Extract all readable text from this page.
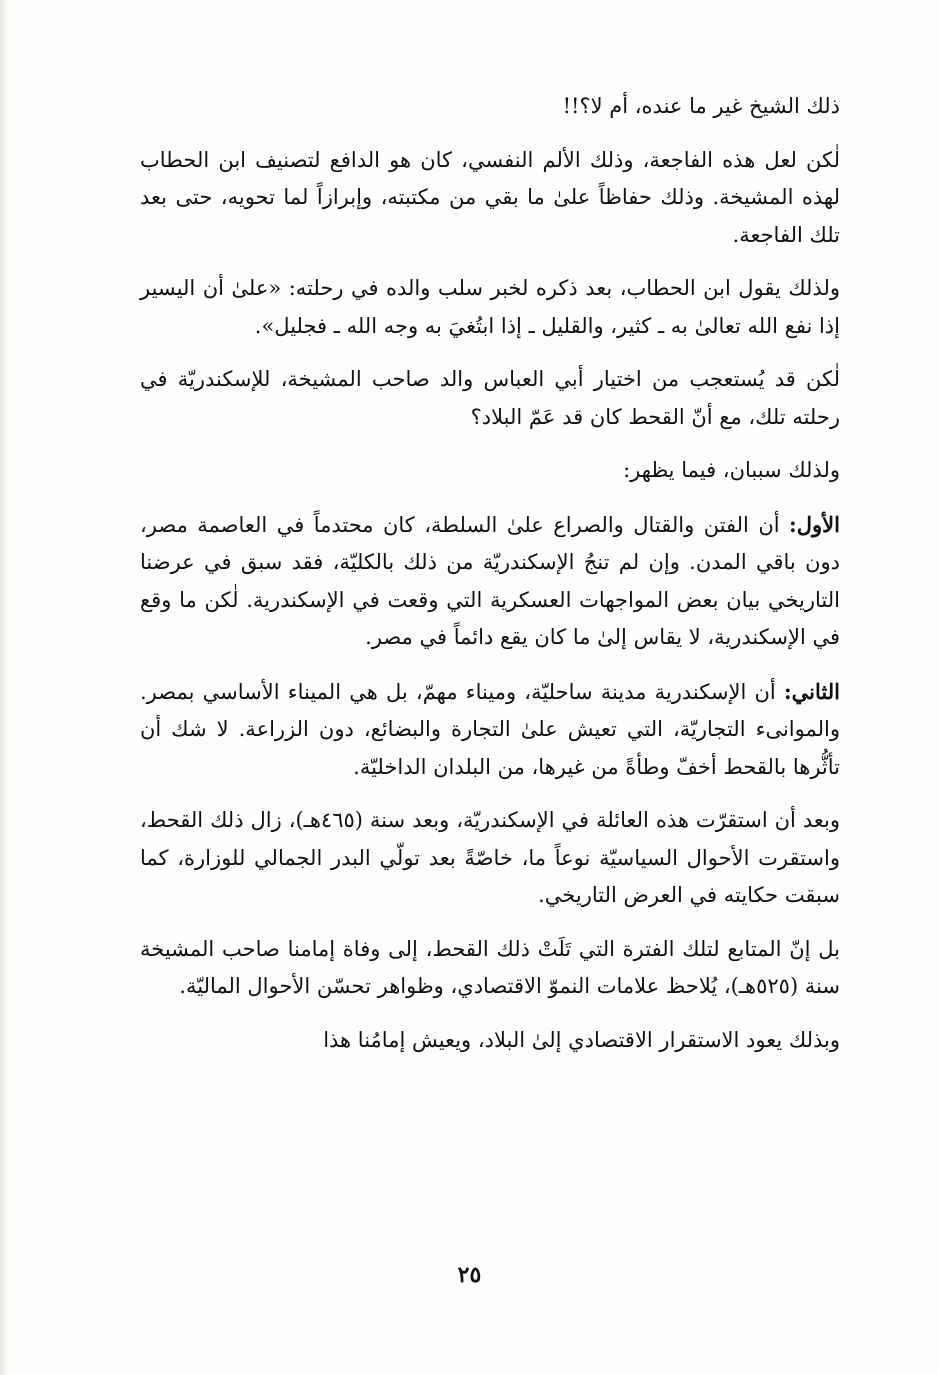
ذلك الشيخ غير ما عنده، أم لا؟!!

لٰكن لعل هذه الفاجعة، وذلك الألم النفسي، كان هو الدافع لتصنيف ابن الحطاب لهذه المشيخة. وذلك حفاظاً علىٰ ما بقي من مكتبته، وإبرازاً لما تحويه، حتى بعد تلك الفاجعة.

ولذلك يقول ابن الحطاب، بعد ذكره لخبر سلب والده في رحلته: «علىٰ أن اليسير إذا نفع الله تعالىٰ به ـ كثير، والقليل ـ إذا ابتُغيَ به وجه الله ـ فجليل».

لٰكن قد يُستعجب من اختيار أبي العباس والد صاحب المشيخة، للإسكندريّة في رحلته تلك، مع أنّ القحط كان قد عَمّ البلاد؟

ولذلك سببان، فيما يظهر:

الأول: أن الفتن والقتال والصراع علىٰ السلطة، كان محتدماً في العاصمة مصر، دون باقي المدن. وإن لم تنجُ الإسكندريّة من ذلك بالكليّة، فقد سبق في عرضنا التاريخي بيان بعض المواجهات العسكرية التي وقعت في الإسكندرية. لٰكن ما وقع في الإسكندرية، لا يقاس إلىٰ ما كان يقع دائماً في مصر.

الثاني: أن الإسكندرية مدينة ساحليّة، وميناء مهمّ، بل هي الميناء الأساسي بمصر. والموانىء التجاريّة، التي تعيش علىٰ التجارة والبضائع، دون الزراعة. لا شك أن تأثُّرها بالقحط أخفّ وطأةً من غيرها، من البلدان الداخليّة.

وبعد أن استقرّت هذه العائلة في الإسكندريّة، وبعد سنة (٤٦٥هـ)، زال ذلك القحط، واستقرت الأحوال السياسيّة نوعاً ما، خاصّةً بعد تولّي البدر الجمالي للوزارة، كما سبقت حكايته في العرض التاريخي.

بل إنّ المتابع لتلك الفترة التي تَلَتْ ذلك القحط، إلى وفاة إمامنا صاحب المشيخة سنة (٥٢٥هـ)، يُلاحظ علامات النموّ الاقتصادي، وظواهر تحسّن الأحوال الماليّة.

وبذلك يعود الاستقرار الاقتصادي إلىٰ البلاد، ويعيش إمامُنا هذا

٢٥
